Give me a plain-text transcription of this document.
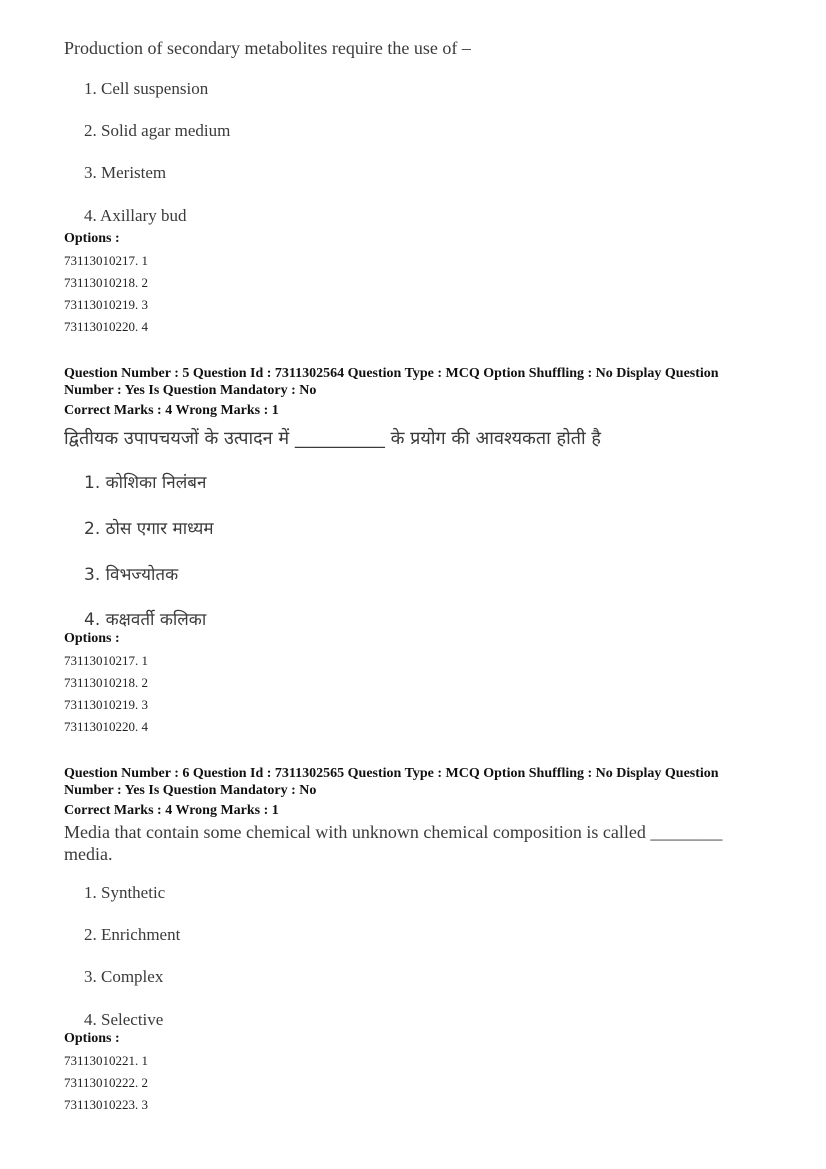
Production of secondary metabolites require the use of –
1. Cell suspension
2. Solid agar medium
3. Meristem
4. Axillary bud
Options :
73113010217. 1
73113010218. 2
73113010219. 3
73113010220. 4
Question Number : 5 Question Id : 7311302564 Question Type : MCQ Option Shuffling : No Display Question
Number : Yes Is Question Mandatory : No
Correct Marks : 4 Wrong Marks : 1
द्वितीयक उपापचयजों के उत्पादन में __________ के प्रयोग की आवश्यकता होती है
1. कोशिका निलंबन
2. ठोस एगार माध्यम
3. विभज्योतक
4. कक्षवर्ती कलिका
Options :
73113010217. 1
73113010218. 2
73113010219. 3
73113010220. 4
Question Number : 6 Question Id : 7311302565 Question Type : MCQ Option Shuffling : No Display Question
Number : Yes Is Question Mandatory : No
Correct Marks : 4 Wrong Marks : 1
Media that contain some chemical with unknown chemical composition is called ________
media.
1. Synthetic
2. Enrichment
3. Complex
4. Selective
Options :
73113010221. 1
73113010222. 2
73113010223. 3
